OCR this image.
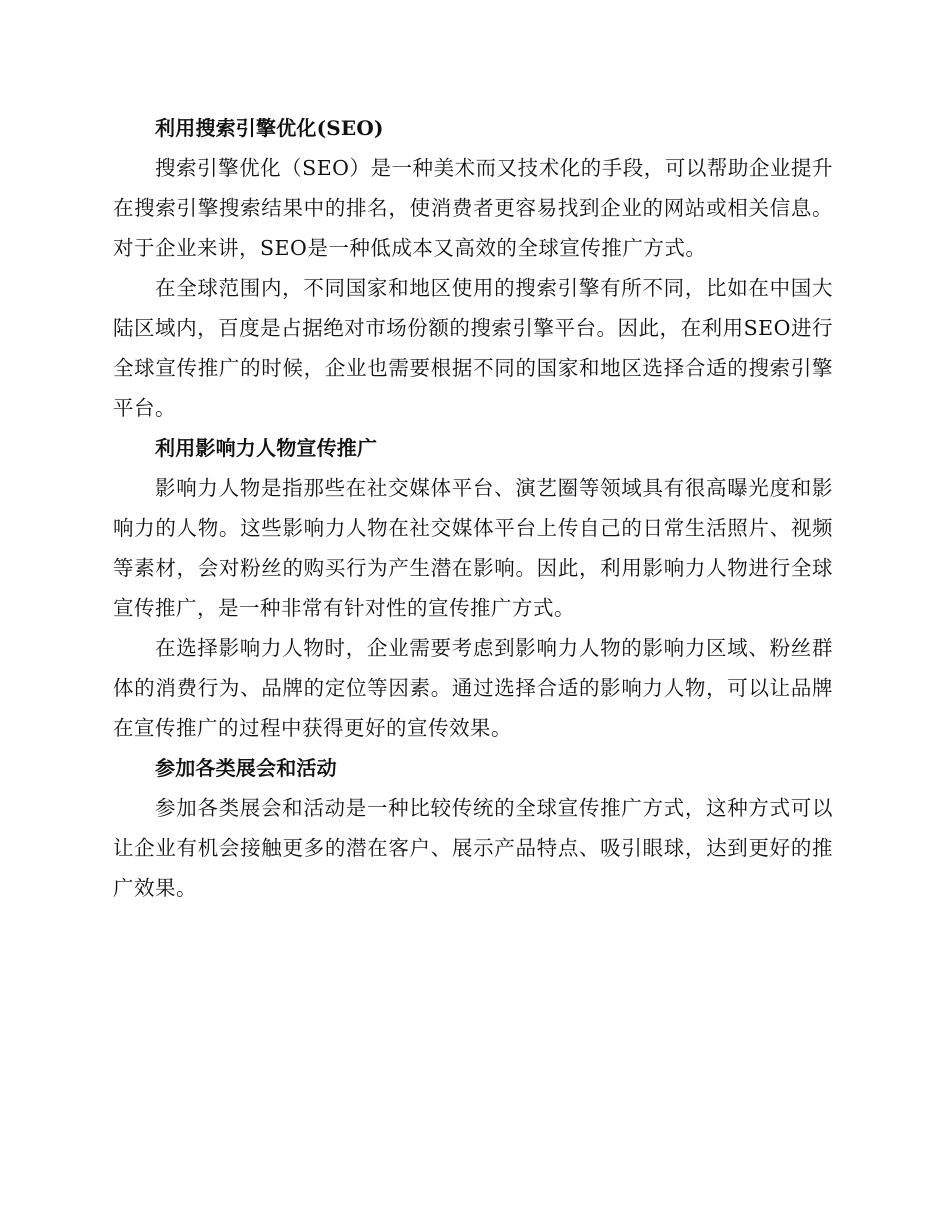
利用搜索引擎优化(SEO)

搜索引擎优化（SEO）是一种美术而又技术化的手段，可以帮助企业提升在搜索引擎搜索结果中的排名，使消费者更容易找到企业的网站或相关信息。对于企业来讲，SEO是一种低成本又高效的全球宣传推广方式。

在全球范围内，不同国家和地区使用的搜索引擎有所不同，比如在中国大陆区域内，百度是占据绝对市场份额的搜索引擎平台。因此，在利用SEO进行全球宣传推广的时候，企业也需要根据不同的国家和地区选择合适的搜索引擎平台。

利用影响力人物宣传推广

影响力人物是指那些在社交媒体平台、演艺圈等领域具有很高曝光度和影响力的人物。这些影响力人物在社交媒体平台上传自己的日常生活照片、视频等素材，会对粉丝的购买行为产生潜在影响。因此，利用影响力人物进行全球宣传推广，是一种非常有针对性的宣传推广方式。

在选择影响力人物时，企业需要考虑到影响力人物的影响力区域、粉丝群体的消费行为、品牌的定位等因素。通过选择合适的影响力人物，可以让品牌在宣传推广的过程中获得更好的宣传效果。

参加各类展会和活动

参加各类展会和活动是一种比较传统的全球宣传推广方式，这种方式可以让企业有机会接触更多的潜在客户、展示产品特点、吸引眼球，达到更好的推广效果。
